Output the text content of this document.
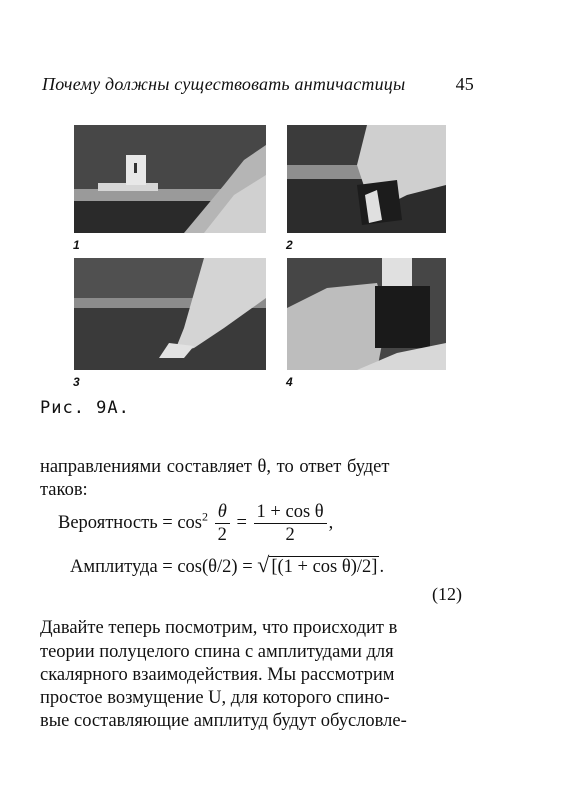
Почему должны существовать античастицы	45
1	2
3	4
Рис. 9А.
направлениями составляет θ, то ответ будет
таков:
Вероятность = $\cos^2 \frac{\theta}{2} = \frac{\text{1 + cos θ}}{2}$ ,
Амплитуда = cos(θ/2) = √ [(1 + cos θ)/2] .
(12)
Давайте теперь посмотрим, что происходит в
теории полуцелого спина с амплитудами для
скалярного взаимодействия. Мы рассмотрим
простое возмущение U, для которого спино-
вые составляющие амплитуд будут обусловле-
